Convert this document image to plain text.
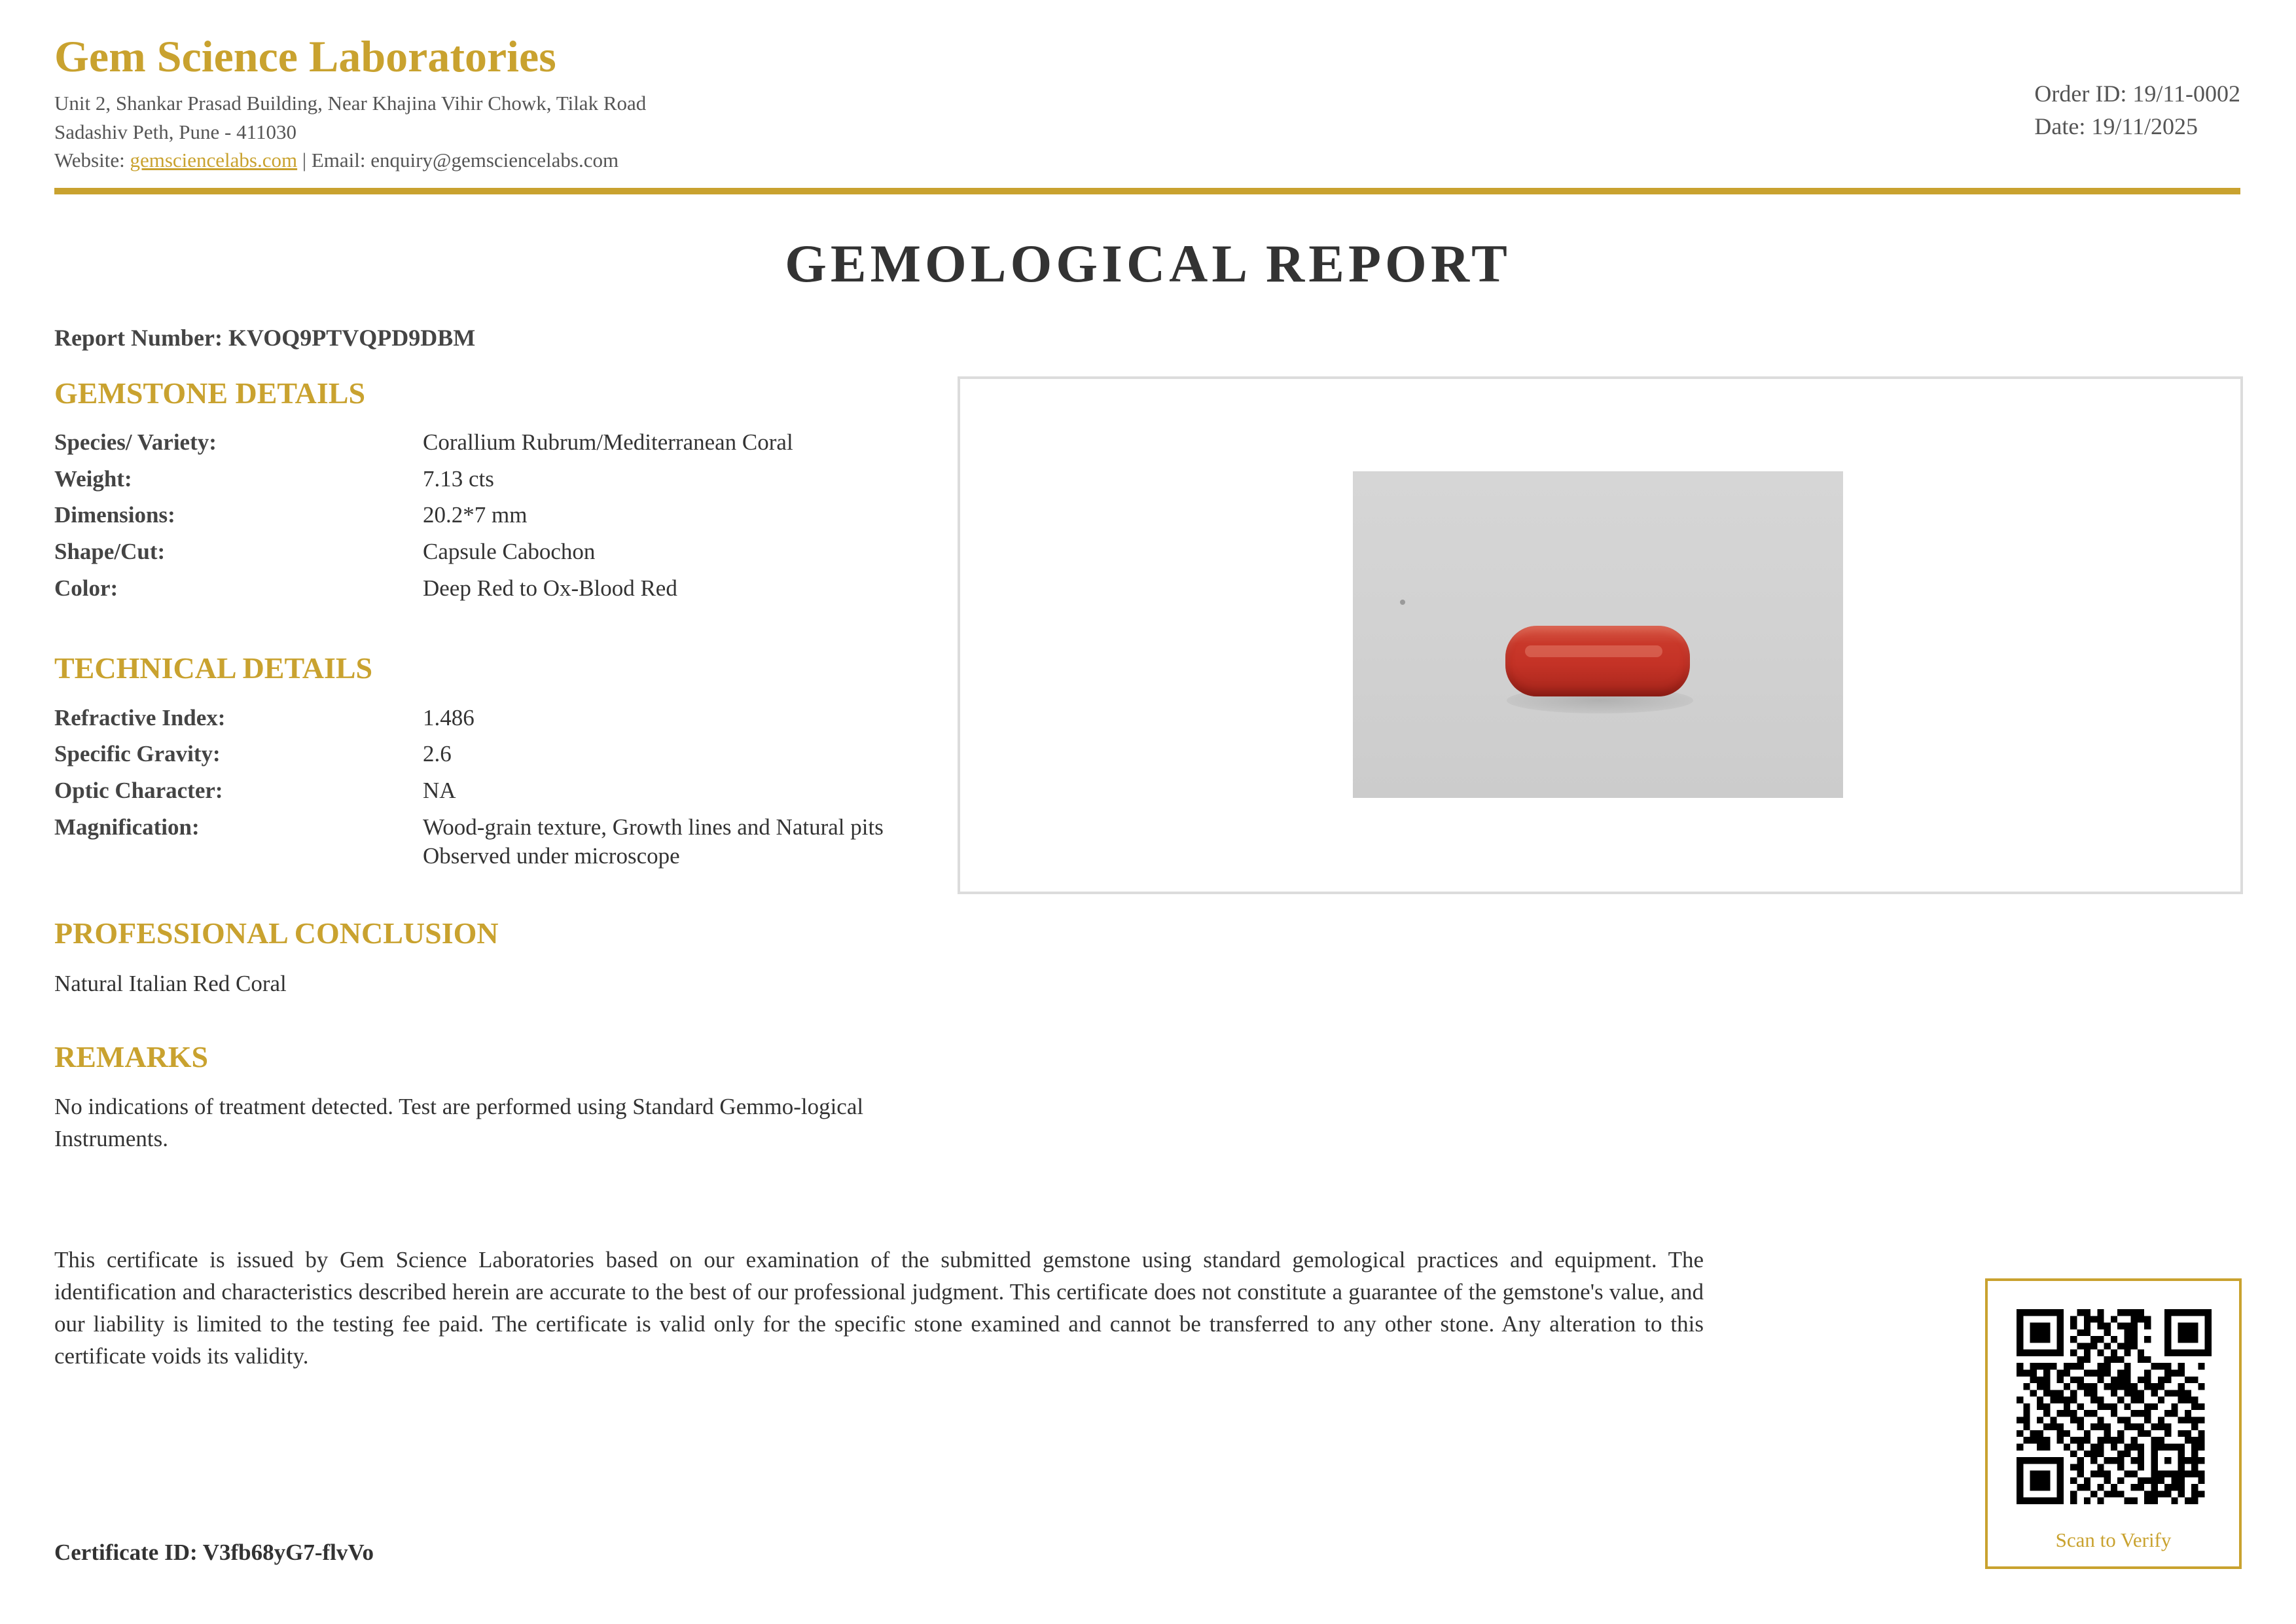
Gem Science Laboratories
Unit 2, Shankar Prasad Building, Near Khajina Vihir Chowk, Tilak Road
Sadashiv Peth, Pune - 411030
Website: gemsciencelabs.com | Email: enquiry@gemsciencelabs.com
Order ID: 19/11-0002
Date: 19/11/2025
GEMOLOGICAL REPORT
Report Number: KVOQ9PTVQPD9DBM
GEMSTONE DETAILS
Species/ Variety:	Corallium Rubrum/Mediterranean Coral
Weight:	7.13 cts
Dimensions:	20.2*7 mm
Shape/Cut:	Capsule Cabochon
Color:	Deep Red to Ox-Blood Red
TECHNICAL DETAILS
Refractive Index:	1.486
Specific Gravity:	2.6
Optic Character:	NA
Magnification:	Wood-grain texture, Growth lines and Natural pits Observed under microscope
PROFESSIONAL CONCLUSION
Natural Italian Red Coral
REMARKS
No indications of treatment detected. Test are performed using Standard Gemmo-logical Instruments.
This certificate is issued by Gem Science Laboratories based on our examination of the submitted gemstone using standard gemological practices and equipment. The identification and characteristics described herein are accurate to the best of our professional judgment. This certificate does not constitute a guarantee of the gemstone's value, and our liability is limited to the testing fee paid. The certificate is valid only for the specific stone examined and cannot be transferred to any other stone. Any alteration to this certificate voids its validity.
Certificate ID: V3fb68yG7-flvVo	Scan to Verify
